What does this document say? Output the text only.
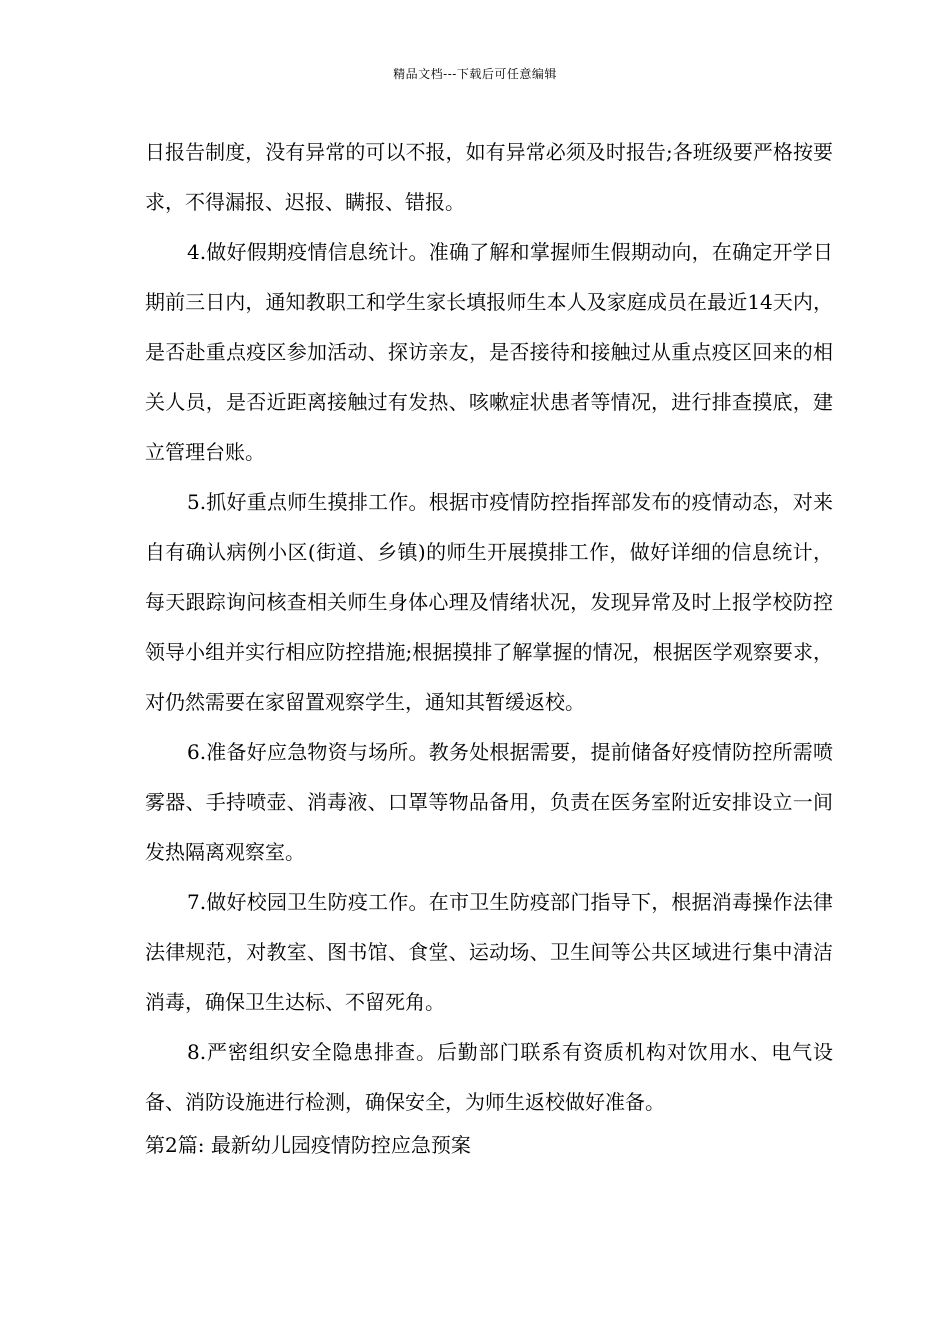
精品文档---下载后可任意编辑

日报告制度，没有异常的可以不报，如有异常必须及时报告;各班级要严格按要求，不得漏报、迟报、瞒报、错报。

4.做好假期疫情信息统计。准确了解和掌握师生假期动向，在确定开学日期前三日内，通知教职工和学生家长填报师生本人及家庭成员在最近14天内，是否赴重点疫区参加活动、探访亲友，是否接待和接触过从重点疫区回来的相关人员，是否近距离接触过有发热、咳嗽症状患者等情况，进行排查摸底，建立管理台账。

5.抓好重点师生摸排工作。根据市疫情防控指挥部发布的疫情动态，对来自有确认病例小区(街道、乡镇)的师生开展摸排工作，做好详细的信息统计，每天跟踪询问核查相关师生身体心理及情绪状况，发现异常及时上报学校防控领导小组并实行相应防控措施;根据摸排了解掌握的情况，根据医学观察要求，对仍然需要在家留置观察学生，通知其暂缓返校。

6.准备好应急物资与场所。教务处根据需要，提前储备好疫情防控所需喷雾器、手持喷壶、消毒液、口罩等物品备用，负责在医务室附近安排设立一间发热隔离观察室。

7.做好校园卫生防疫工作。在市卫生防疫部门指导下，根据消毒操作法律法律规范，对教室、图书馆、食堂、运动场、卫生间等公共区域进行集中清洁消毒，确保卫生达标、不留死角。

8.严密组织安全隐患排查。后勤部门联系有资质机构对饮用水、电气设备、消防设施进行检测，确保安全，为师生返校做好准备。

第2篇: 最新幼儿园疫情防控应急预案
